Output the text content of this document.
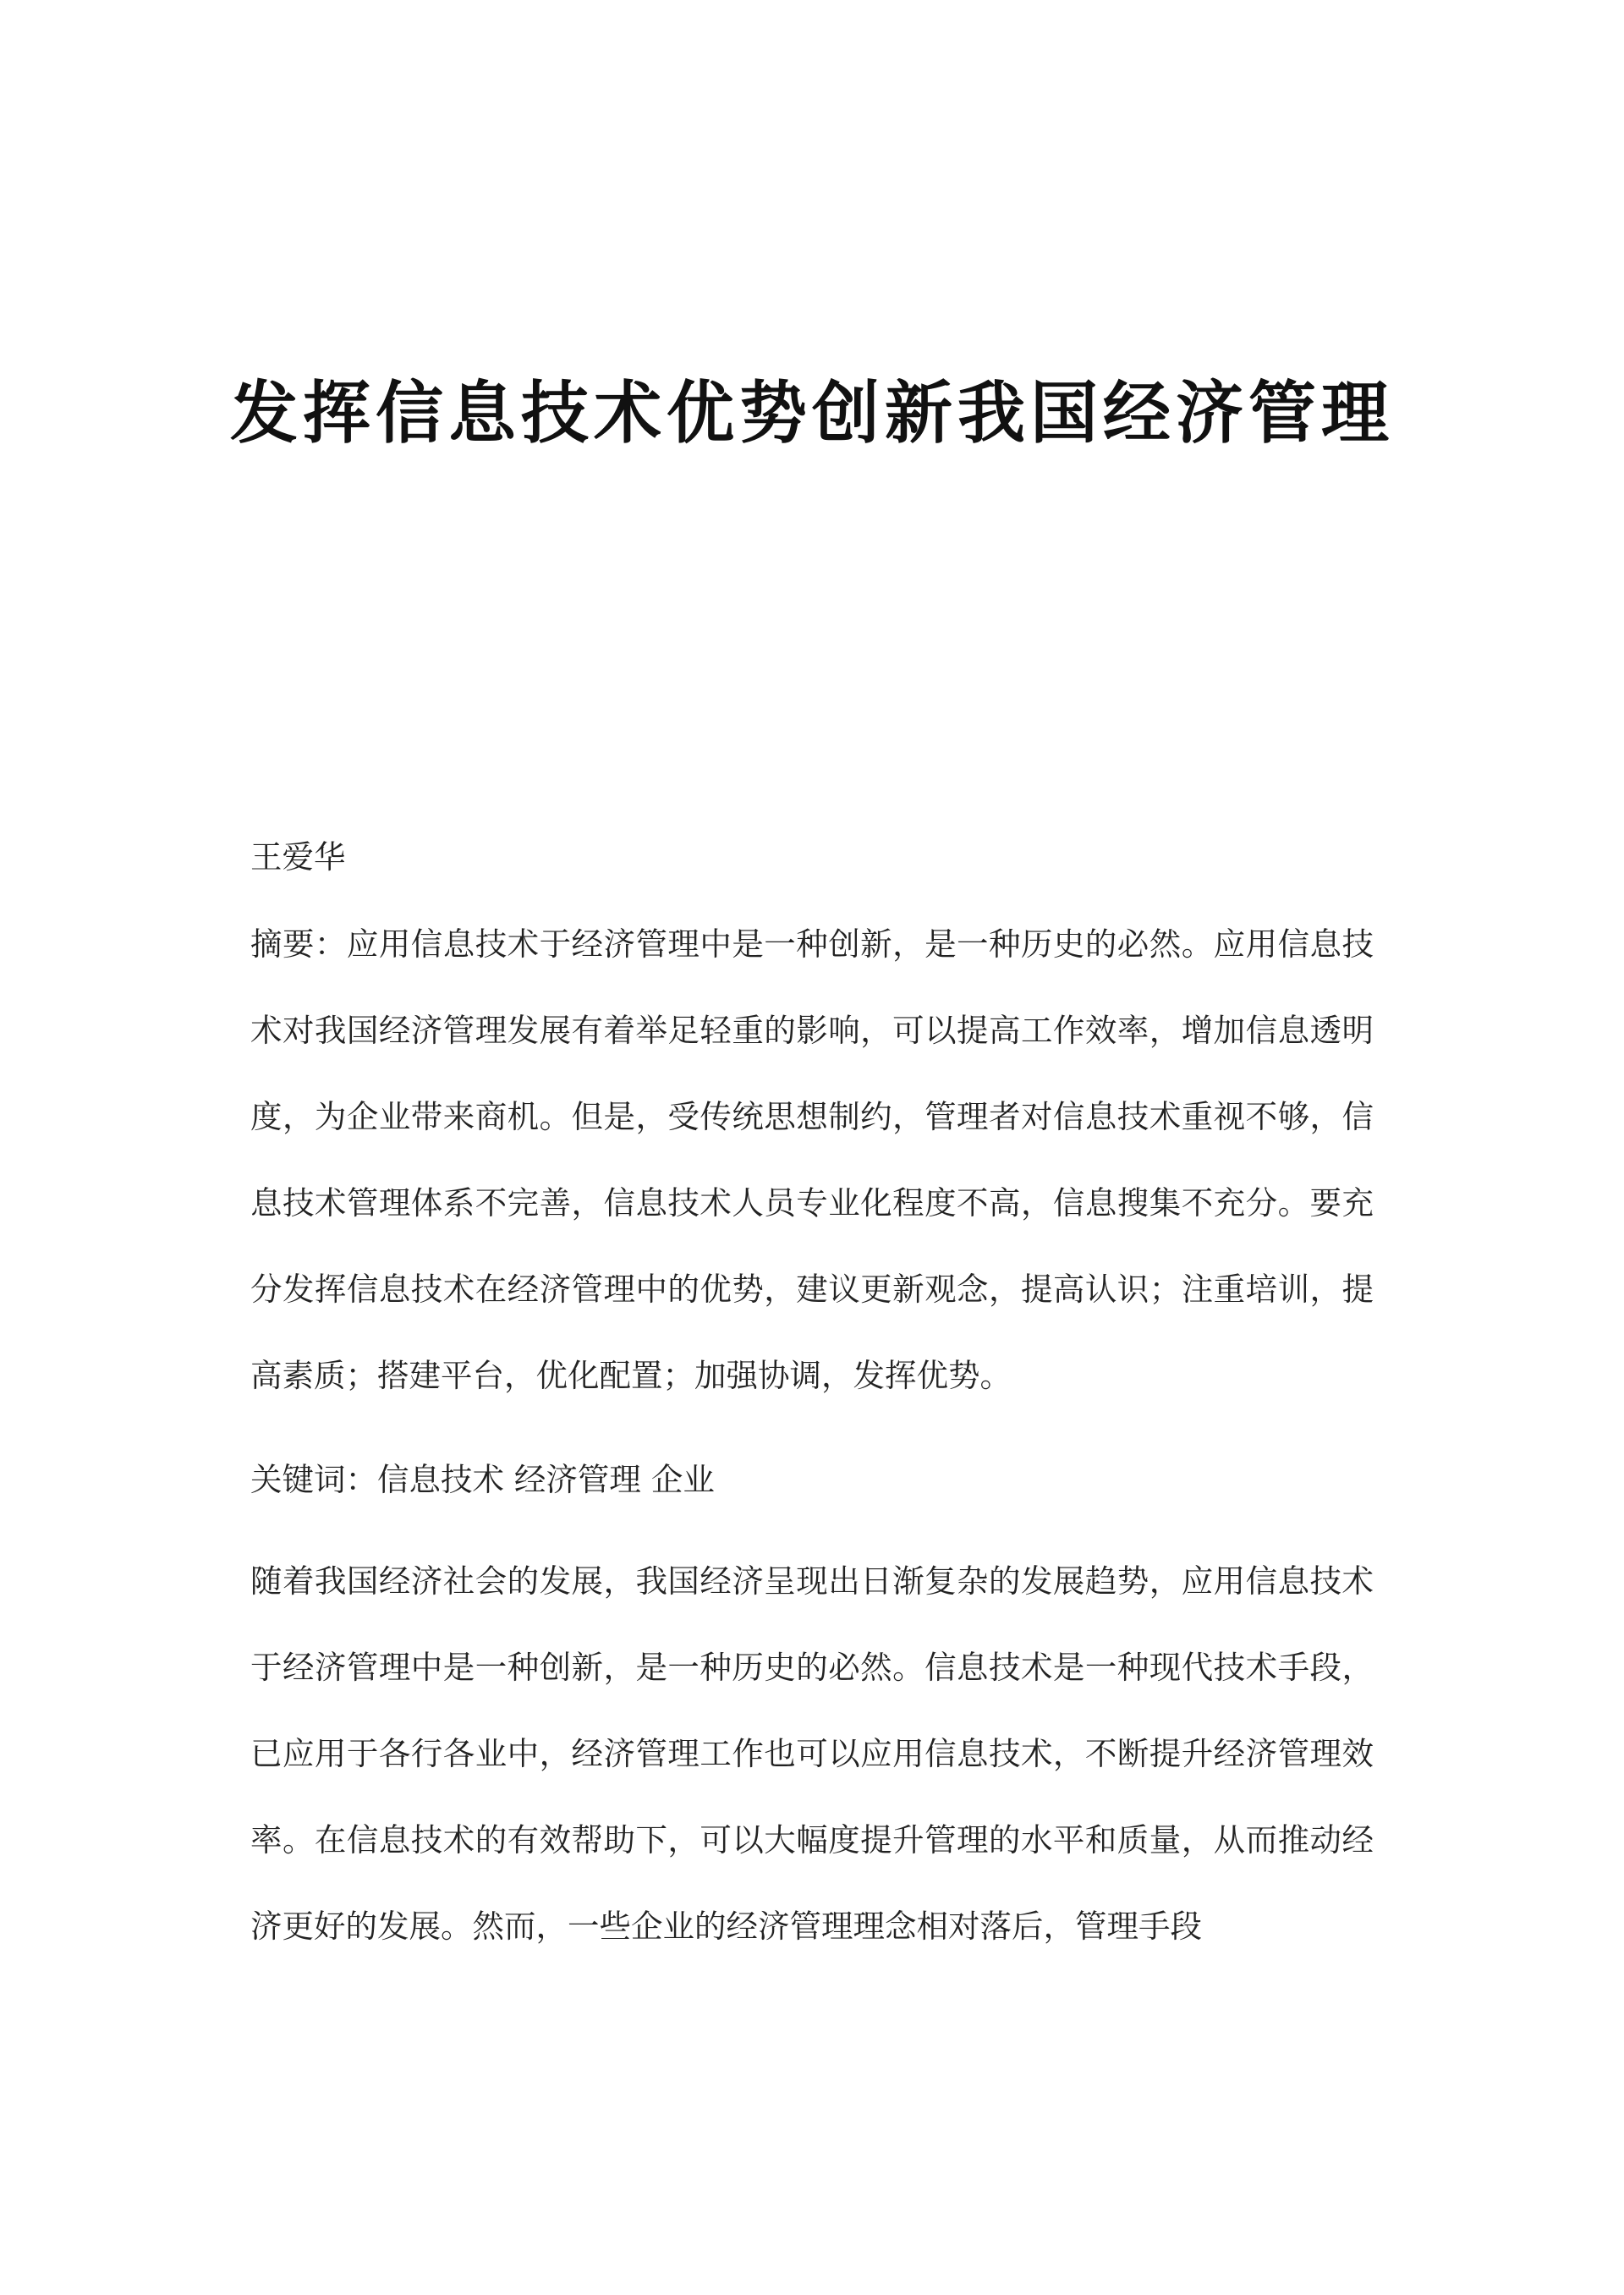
发挥信息技术优势创新我国经济管理

王爱华

摘要：应用信息技术于经济管理中是一种创新，是一种历史的必然。应用信息技术对我国经济管理发展有着举足轻重的影响，可以提高工作效率，增加信息透明度，为企业带来商机。但是，受传统思想制约，管理者对信息技术重视不够，信息技术管理体系不完善，信息技术人员专业化程度不高，信息搜集不充分。要充分发挥信息技术在经济管理中的优势，建议更新观念，提高认识；注重培训，提高素质；搭建平台，优化配置；加强协调，发挥优势。

关键词：信息技术 经济管理 企业

随着我国经济社会的发展，我国经济呈现出日渐复杂的发展趋势，应用信息技术于经济管理中是一种创新，是一种历史的必然。信息技术是一种现代技术手段，已应用于各行各业中，经济管理工作也可以应用信息技术，不断提升经济管理效率。在信息技术的有效帮助下，可以大幅度提升管理的水平和质量，从而推动经济更好的发展。然而，一些企业的经济管理理念相对落后，管理手段
